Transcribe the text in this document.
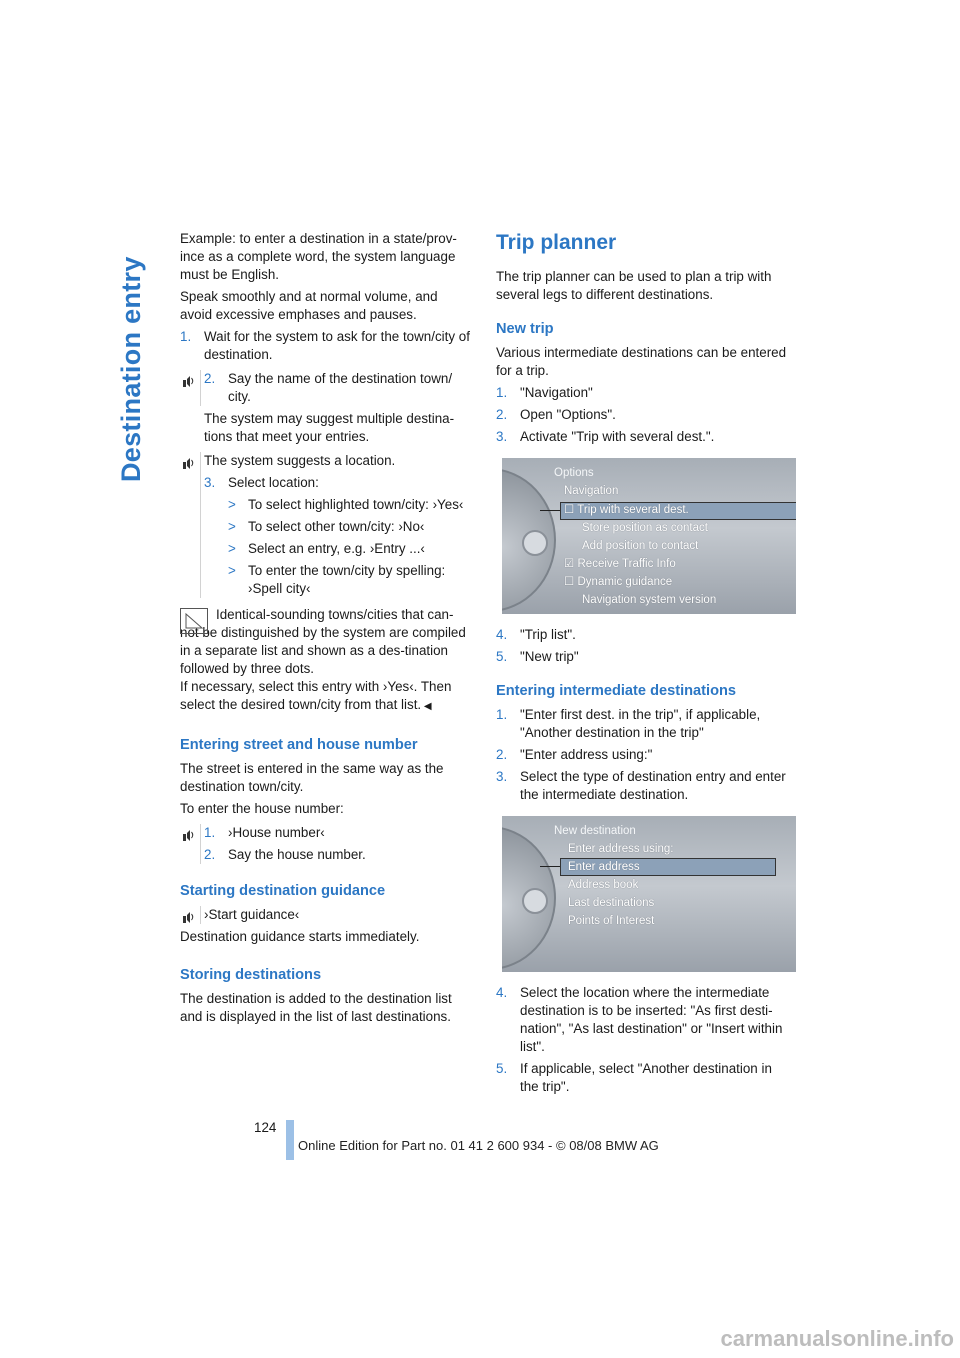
Destination entry

Example: to enter a destination in a state/prov-ince as a complete word, the system language must be English.

Speak smoothly and at normal volume, and avoid excessive emphases and pauses.

1. Wait for the system to ask for the town/city of destination.
2. Say the name of the destination town/ city.

The system may suggest multiple destina-tions that meet your entries.

The system suggests a location.

3. Select location:
> To select highlighted town/city: ›Yes‹
> To select other town/city: ›No‹
> Select an entry, e.g. ›Entry ...‹
> To enter the town/city by spelling: ›Spell city‹

Identical-sounding towns/cities that can-not be distinguished by the system are compiled in a separate list and shown as a des-tination followed by three dots.

If necessary, select this entry with ›Yes‹. Then select the desired town/city from that list. ◀

Entering street and house number

The street is entered in the same way as the destination town/city.

To enter the house number:

1. ›House number‹
2. Say the house number.
Starting destination guidance

›Start guidance‹

Destination guidance starts immediately.

Storing destinations

The destination is added to the destination list and is displayed in the list of last destinations.

Trip planner

The trip planner can be used to plan a trip with several legs to different destinations.

New trip

Various intermediate destinations can be entered for a trip.

1. "Navigation"
2. Open "Options".
3. Activate "Trip with several dest.".
Options
Navigation
☐ Trip with several dest.
Store position as contact
Add position to contact
☑ Receive Traffic Info
☐ Dynamic guidance
Navigation system version
4. "Trip list".
5. "New trip"
Entering intermediate destinations
1. "Enter first dest. in the trip", if applicable, "Another destination in the trip"
2. "Enter address using:"
3. Select the type of destination entry and enter the intermediate destination.
New destination
Enter address using:
Enter address
Address book
Last destinations
Points of Interest
4. Select the location where the intermediate destination is to be inserted: "As first desti-nation", "As last destination" or "Insert within list".
5. If applicable, select "Another destination in the trip".
124
Online Edition for Part no. 01 41 2 600 934 - © 08/08 BMW AG
carmanualsonline.info
